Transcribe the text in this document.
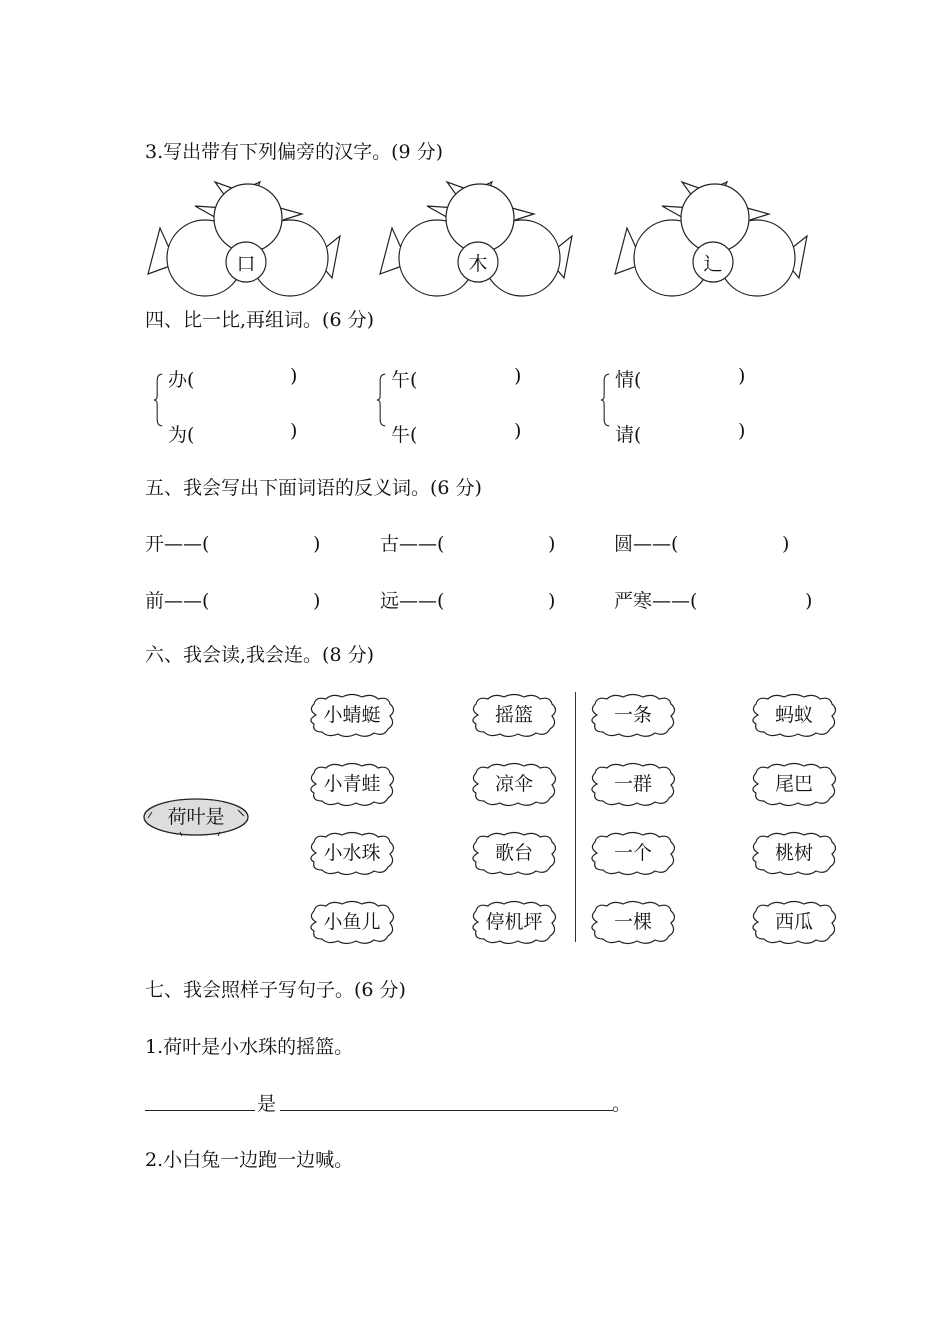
3.写出带有下列偏旁的汉字。(9 分)
口	木	辶
四、比一比,再组词。(6 分)
办(	)
为(	)
午(	)
牛(	)
情(	)
请(	)
五、我会写出下面词语的反义词。(6 分)
开——(	)	古——(	)	圆——(	)
前——(	)	远——(	)	严寒——(	)
六、我会读,我会连。(8 分)
荷叶是
小蜻蜓
小青蛙
小水珠
小鱼儿
摇篮
凉伞
歌台
停机坪
一条
一群
一个
一棵
蚂蚁
尾巴
桃树
西瓜
七、我会照样子写句子。(6 分)
1.荷叶是小水珠的摇篮。
是	。
2.小白兔一边跑一边喊。
